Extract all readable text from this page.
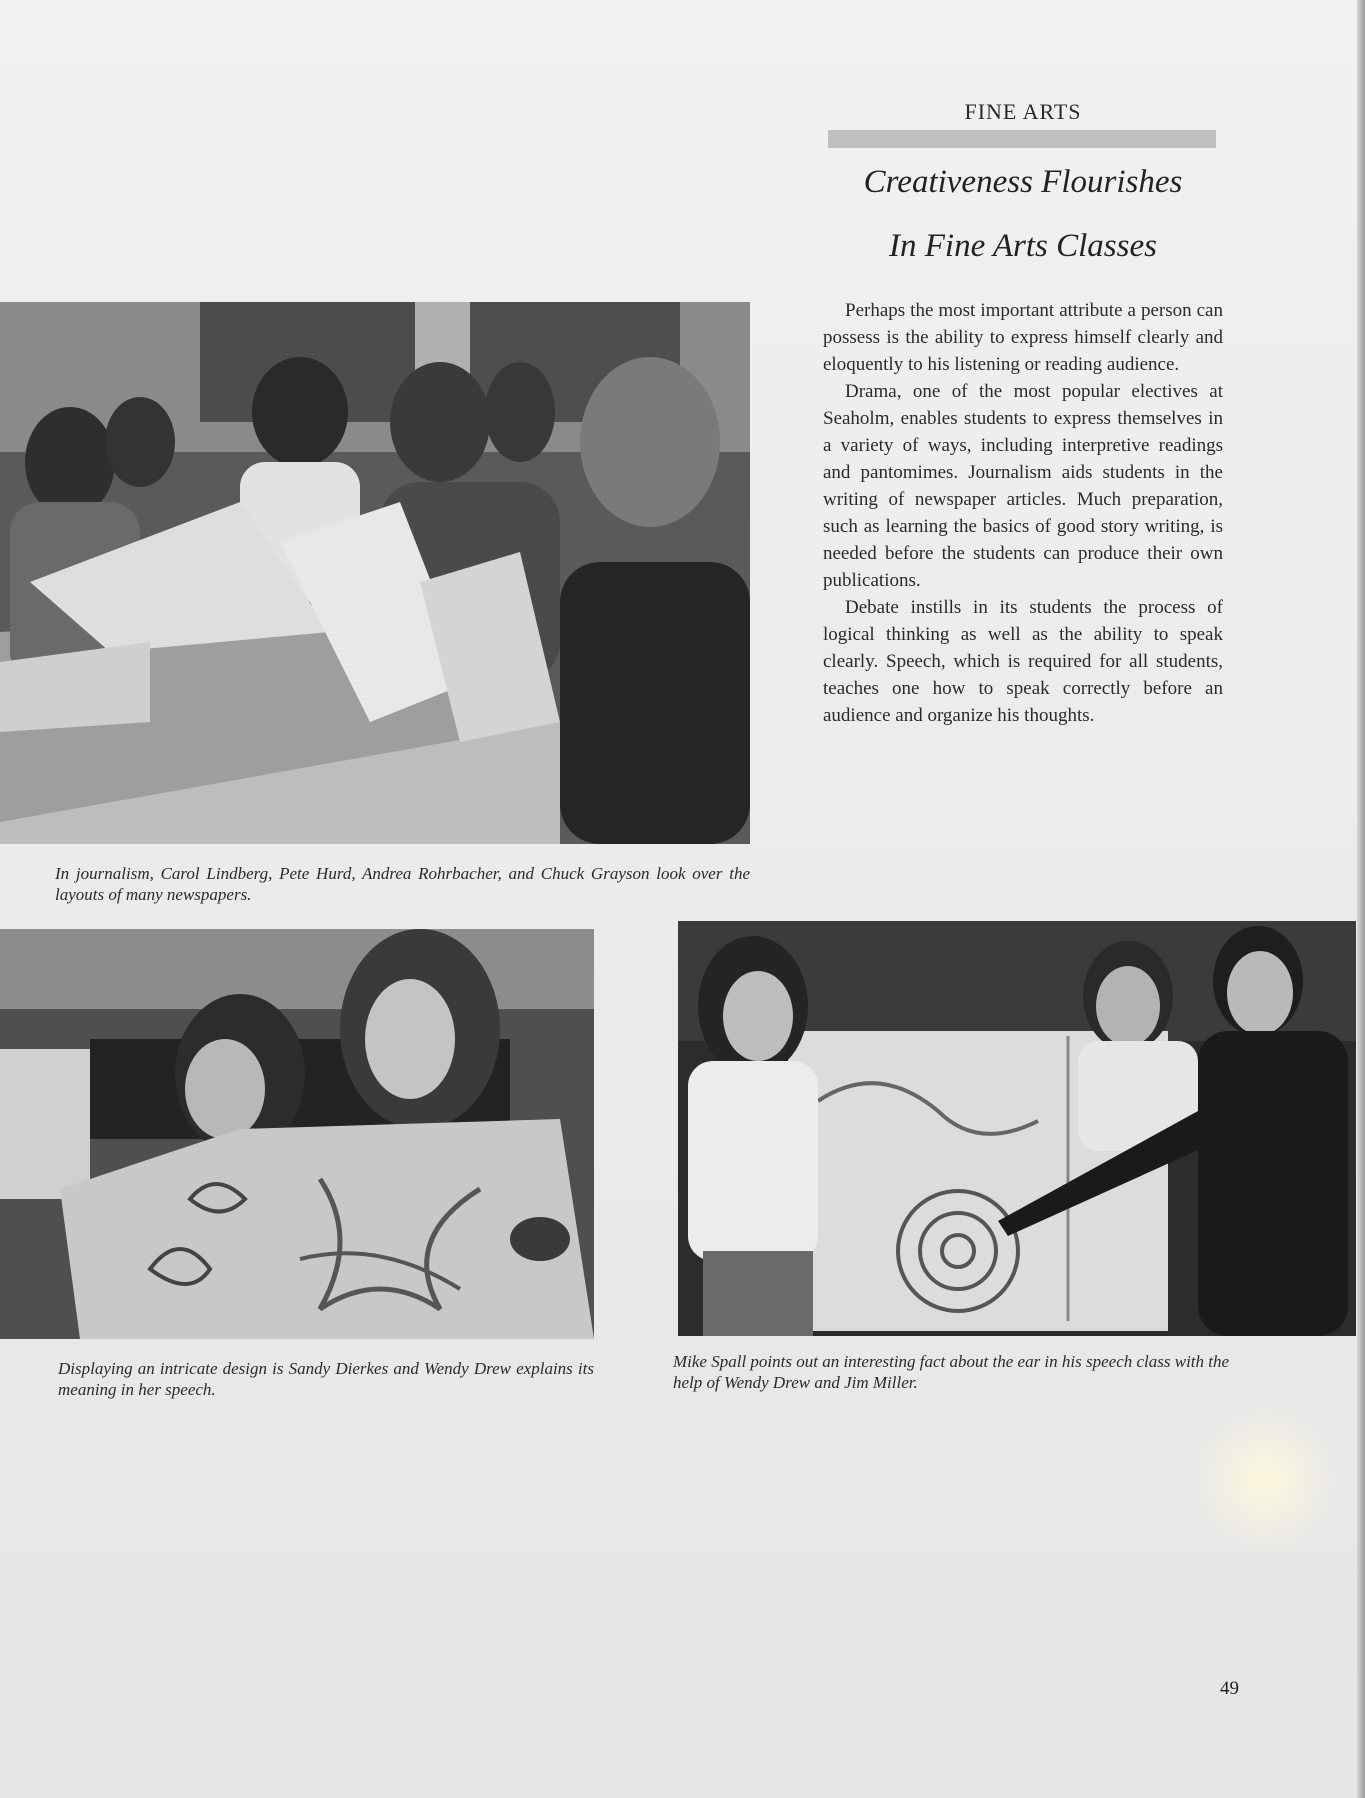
FINE ARTS
Creativeness Flourishes
In Fine Arts Classes

Perhaps the most important attribute a person can possess is the ability to express himself clearly and eloquently to his listening or reading audience.

Drama, one of the most popular electives at Seaholm, enables students to express themselves in a variety of ways, including interpretive readings and pantomimes. Journalism aids students in the writing of newspaper articles. Much preparation, such as learning the basics of good story writing, is needed before the students can produce their own publications.

Debate instills in its students the process of logical thinking as well as the ability to speak clearly. Speech, which is required for all students, teaches one how to speak correctly before an audience and organize his thoughts.

In journalism, Carol Lindberg, Pete Hurd, Andrea Rohrbacher, and Chuck Grayson look over the layouts of many newspapers.
Displaying an intricate design is Sandy Dierkes and Wendy Drew explains its meaning in her speech.
Mike Spall points out an interesting fact about the ear in his speech class with the help of Wendy Drew and Jim Miller.
49
